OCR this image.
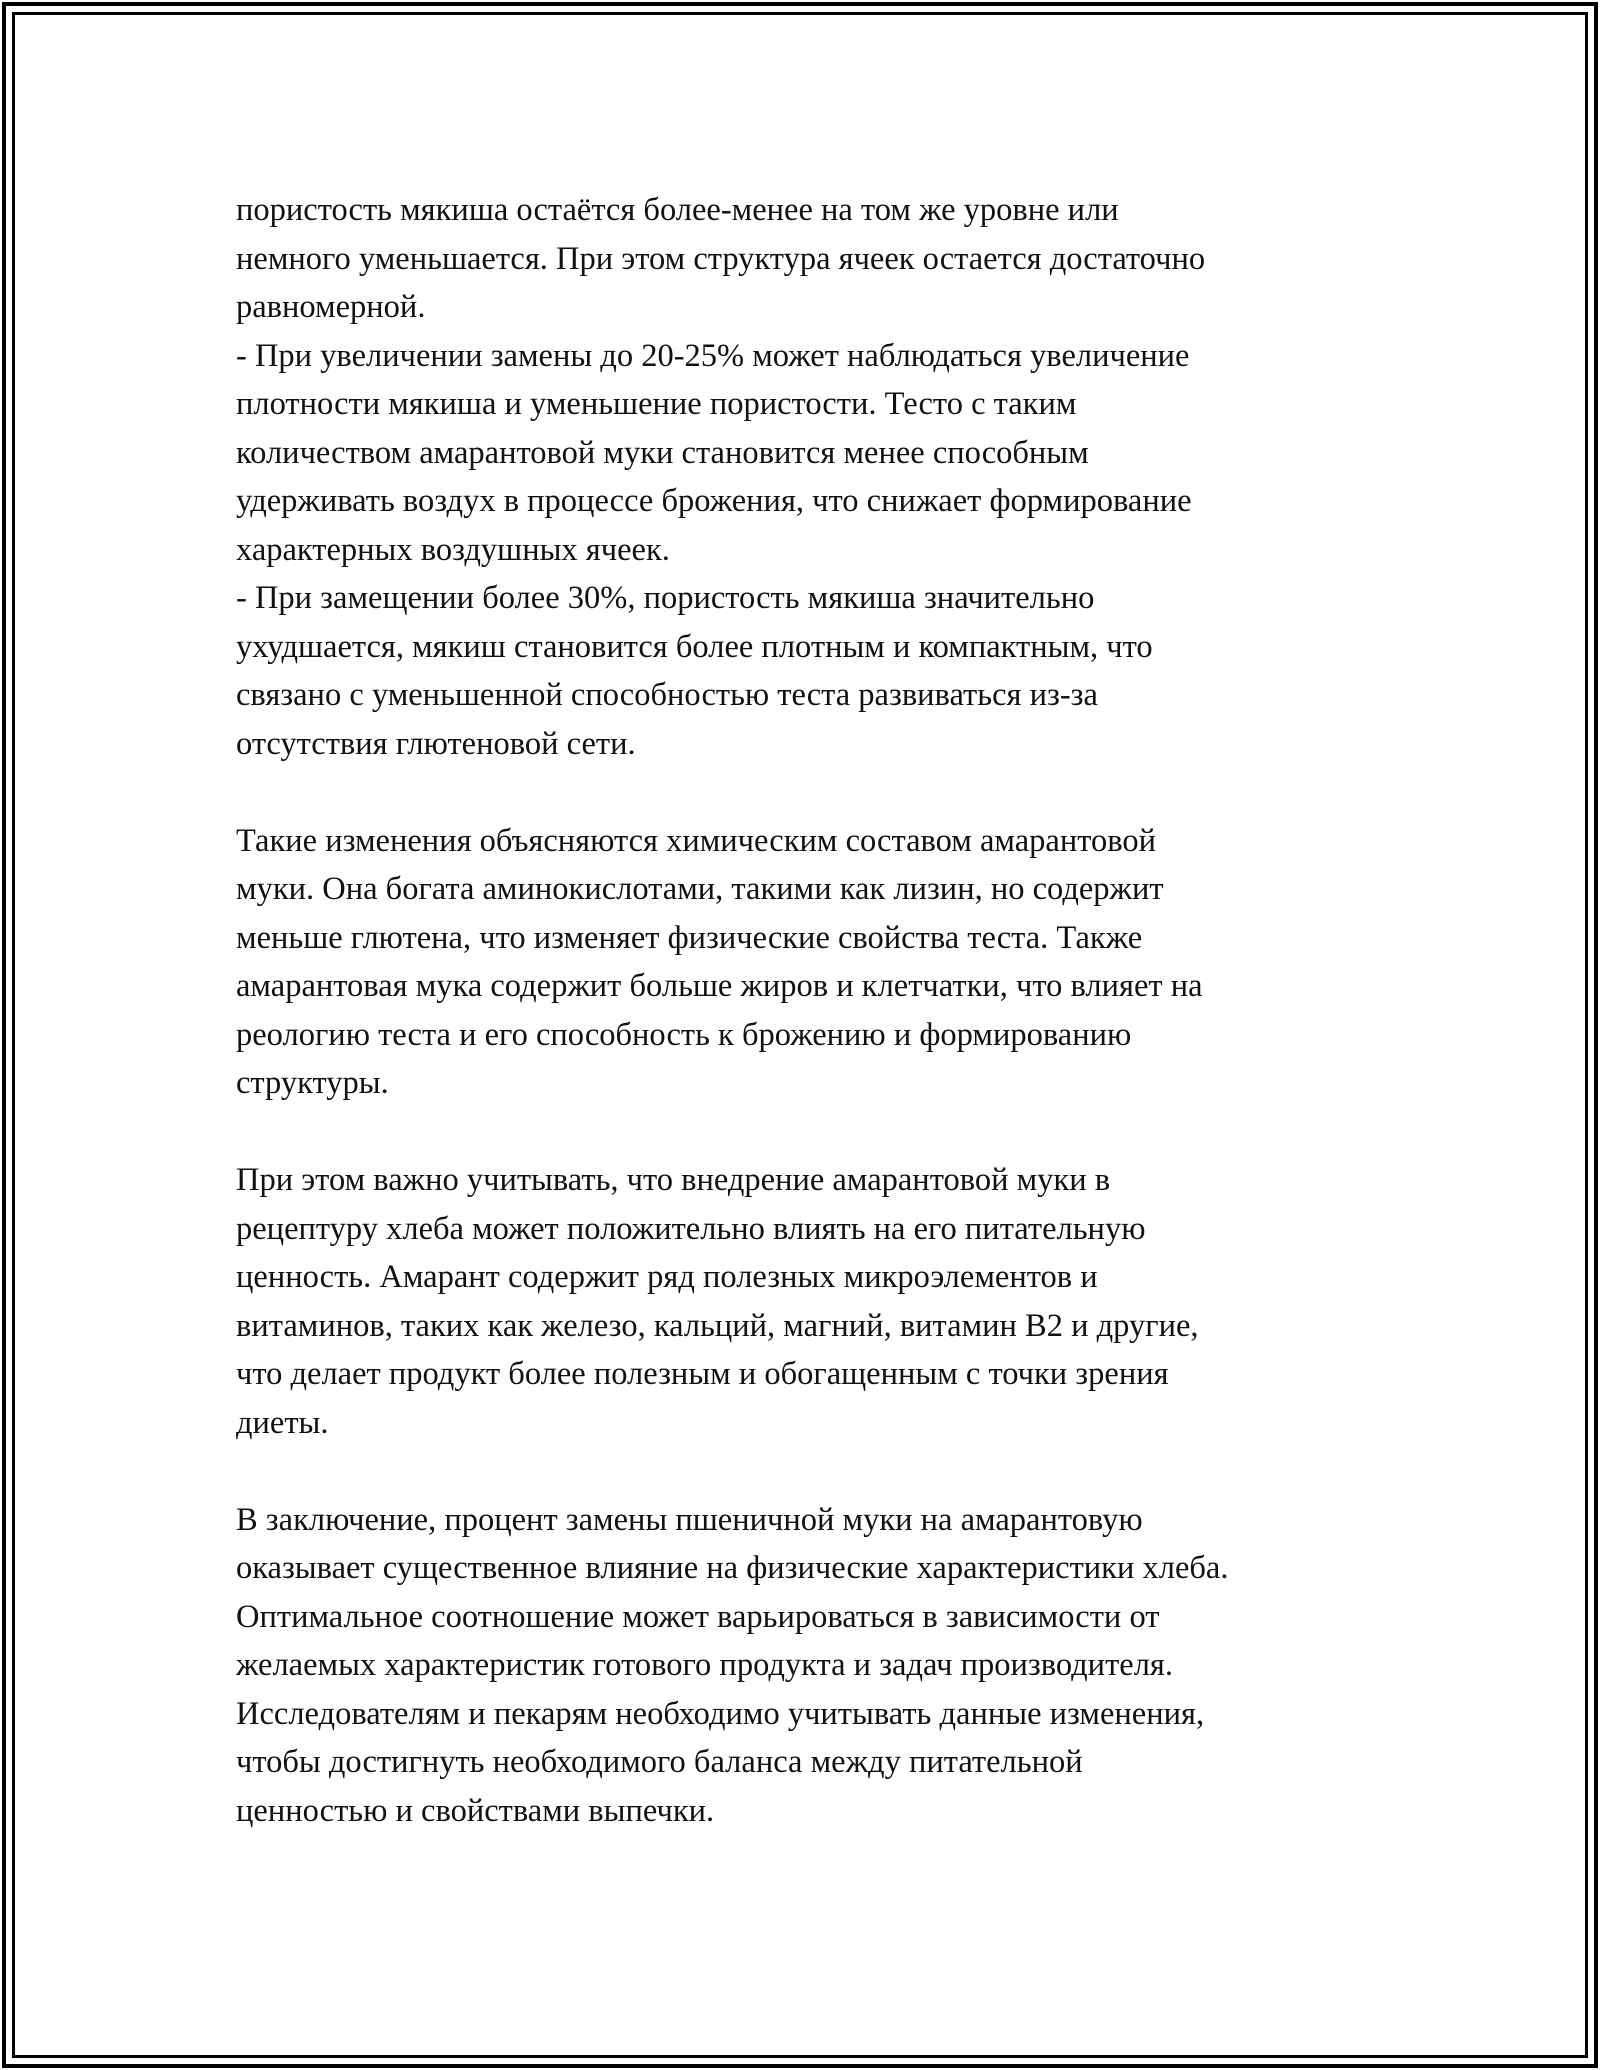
пористость мякиша остаётся более-менее на том же уровне или
немного уменьшается. При этом структура ячеек остается достаточно
равномерной.
- При увеличении замены до 20-25% может наблюдаться увеличение
плотности мякиша и уменьшение пористости. Тесто с таким
количеством амарантовой муки становится менее способным
удерживать воздух в процессе брожения, что снижает формирование
характерных воздушных ячеек.
- При замещении более 30%, пористость мякиша значительно
ухудшается, мякиш становится более плотным и компактным, что
связано с уменьшенной способностью теста развиваться из-за
отсутствия глютеновой сети.
Такие изменения объясняются химическим составом амарантовой
муки. Она богата аминокислотами, такими как лизин, но содержит
меньше глютена, что изменяет физические свойства теста. Также
амарантовая мука содержит больше жиров и клетчатки, что влияет на
реологию теста и его способность к брожению и формированию
структуры.
При этом важно учитывать, что внедрение амарантовой муки в
рецептуру хлеба может положительно влиять на его питательную
ценность. Амарант содержит ряд полезных микроэлементов и
витаминов, таких как железо, кальций, магний, витамин B2 и другие,
что делает продукт более полезным и обогащенным с точки зрения
диеты.
В заключение, процент замены пшеничной муки на амарантовую
оказывает существенное влияние на физические характеристики хлеба.
Оптимальное соотношение может варьироваться в зависимости от
желаемых характеристик готового продукта и задач производителя.
Исследователям и пекарям необходимо учитывать данные изменения,
чтобы достигнуть необходимого баланса между питательной
ценностью и свойствами выпечки.
